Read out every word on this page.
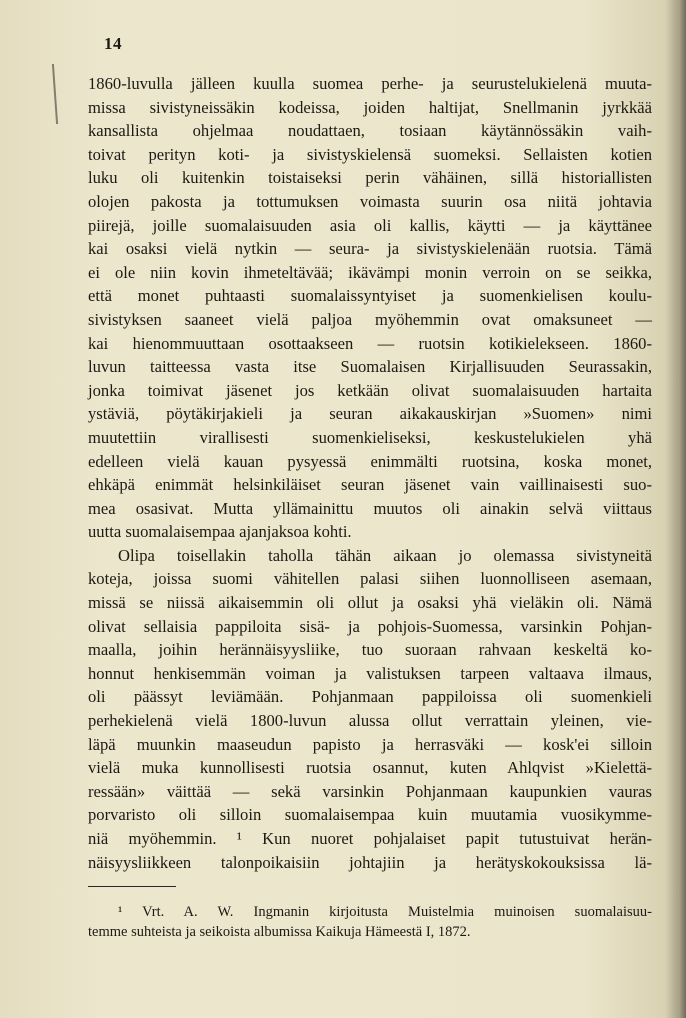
14
1860-luvulla jälleen kuulla suomea perhe- ja seurustelukielenä muuta-
missa sivistyneissäkin kodeissa, joiden haltijat, Snellmanin jyrkkää
kansallista ohjelmaa noudattaen, tosiaan käytännössäkin vaih-
toivat perityn koti- ja sivistyskielensä suomeksi. Sellaisten kotien
luku oli kuitenkin toistaiseksi perin vähäinen, sillä historiallisten
olojen pakosta ja tottumuksen voimasta suurin osa niitä johtavia
piirejä, joille suomalaisuuden asia oli kallis, käytti — ja käyttänee
kai osaksi vielä nytkin — seura- ja sivistyskielenään ruotsia. Tämä
ei ole niin kovin ihmeteltävää; ikävämpi monin verroin on se seikka,
että monet puhtaasti suomalaissyntyiset ja suomenkielisen koulu-
sivistyksen saaneet vielä paljoa myöhemmin ovat omaksuneet —
kai hienommuuttaan osottaakseen — ruotsin kotikielekseen. 1860-
luvun taitteessa vasta itse Suomalaisen Kirjallisuuden Seurassakin,
jonka toimivat jäsenet jos ketkään olivat suomalaisuuden hartaita
ystäviä, pöytäkirjakieli ja seuran aikakauskirjan »Suomen» nimi
muutettiin virallisesti suomenkieliseksi, keskustelukielen yhä
edelleen vielä kauan pysyessä enimmälti ruotsina, koska monet,
ehkäpä enimmät helsinkiläiset seuran jäsenet vain vaillinaisesti suo-
mea osasivat. Mutta yllämainittu muutos oli ainakin selvä viittaus
uutta suomalaisempaa ajanjaksoa kohti.
Olipa toisellakin taholla tähän aikaan jo olemassa sivistyneitä
koteja, joissa suomi vähitellen palasi siihen luonnolliseen asemaan,
missä se niissä aikaisemmin oli ollut ja osaksi yhä vieläkin oli. Nämä
olivat sellaisia pappiloita sisä- ja pohjois-Suomessa, varsinkin Pohjan-
maalla, joihin herännäisyysliike, tuo suoraan rahvaan keskeltä ko-
honnut henkisemmän voiman ja valistuksen tarpeen valtaava ilmaus,
oli päässyt leviämään. Pohjanmaan pappiloissa oli suomenkieli
perhekielenä vielä 1800-luvun alussa ollut verrattain yleinen, vie-
läpä muunkin maaseudun papisto ja herrasväki — kosk'ei silloin
vielä muka kunnollisesti ruotsia osannut, kuten Ahlqvist »Kielettä-
ressään» väittää — sekä varsinkin Pohjanmaan kaupunkien vauras
porvaristo oli silloin suomalaisempaa kuin muutamia vuosikymme-
niä myöhemmin. ¹ Kun nuoret pohjalaiset papit tutustuivat herän-
näisyysliikkeen talonpoikaisiin johtajiin ja herätyskokouksissa lä-
¹ Vrt. A. W. Ingmanin kirjoitusta Muistelmia muinoisen suomalaisuu-
temme suhteista ja seikoista albumissa Kaikuja Hämeestä I, 1872.
